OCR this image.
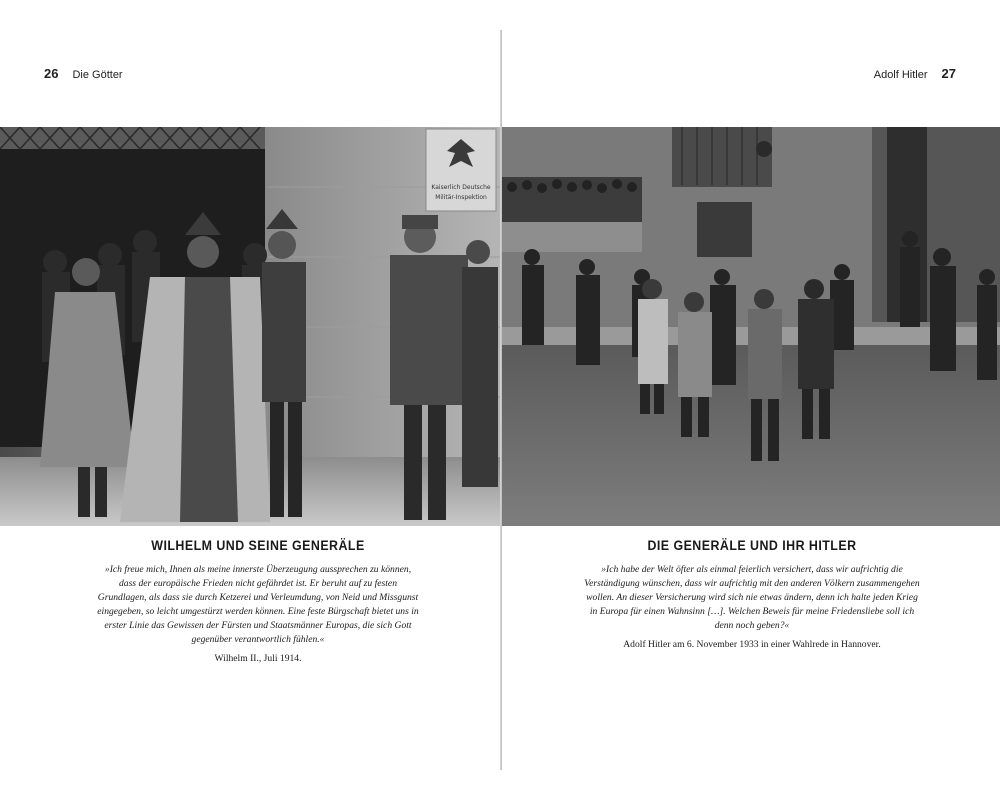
26 Die Götter
Kaiserlich Deutsche
Militär-Inspektion
WILHELM UND SEINE GENERÄLE

»Ich freue mich, Ihnen als meine innerste Überzeugung aussprechen zu können, dass der europäische Frieden nicht gefährdet ist. Er beruht auf zu festen Grundlagen, als dass sie durch Ketzerei und Verleumdung, von Neid und Missgunst eingegeben, so leicht umgestürzt werden können. Eine feste Bürgschaft bietet uns in erster Linie das Gewissen der Fürsten und Staatsmänner Europas, die sich Gott gegenüber verantwortlich fühlen.«

Wilhelm II., Juli 1914.
Adolf Hitler 27
DIE GENERÄLE UND IHR HITLER

»Ich habe der Welt öfter als einmal feierlich versichert, dass wir aufrichtig die Verständigung wünschen, dass wir aufrichtig mit den anderen Völkern zusammengehen wollen. An dieser Versicherung wird sich nie etwas ändern, denn ich halte jeden Krieg in Europa für einen Wahnsinn […]. Welchen Beweis für meine Friedensliebe soll ich denn noch geben?«

Adolf Hitler am 6. November 1933 in einer Wahlrede in Hannover.
